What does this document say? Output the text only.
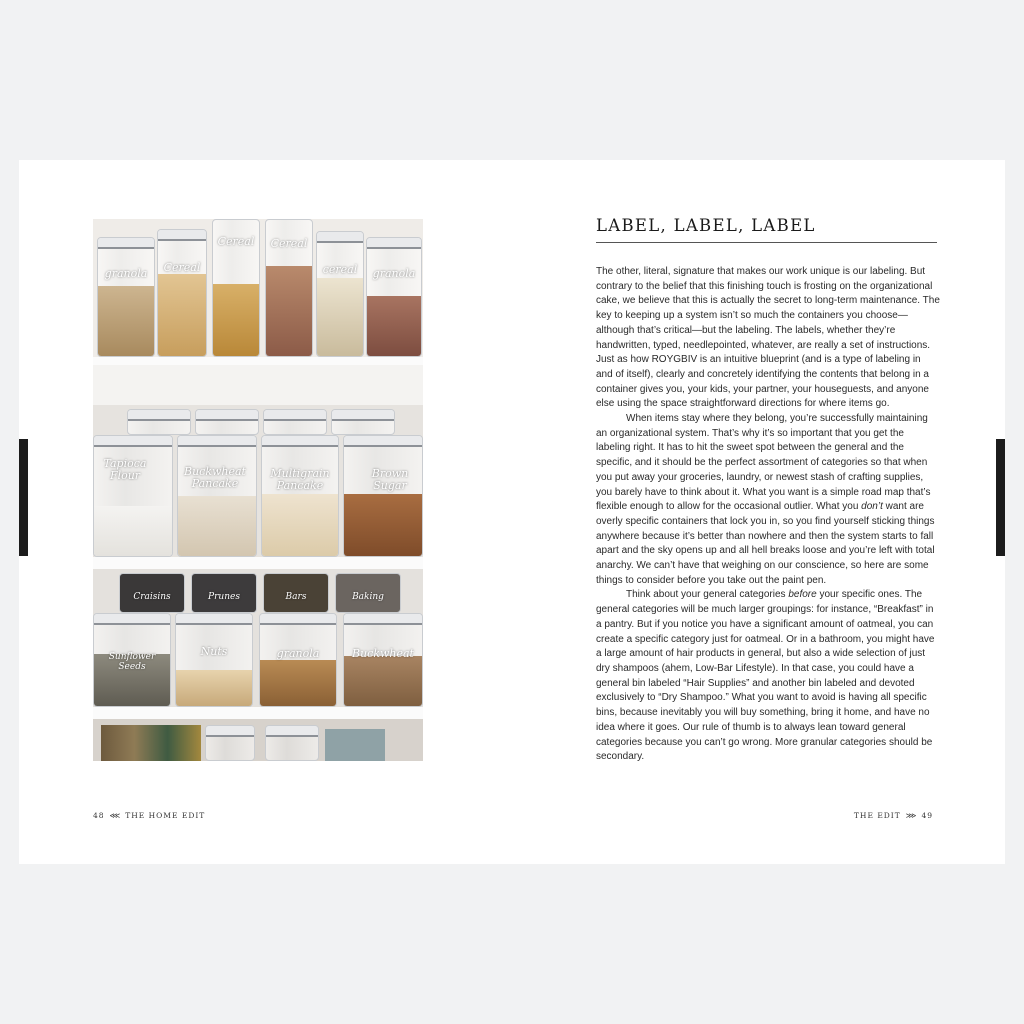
granola	Cereal
Cereal	Cereal
cereal	granola
Tapioca Flour	Buckwheat Pancake
Multigrain Pancake
Brown Sugar
Craisins	Prunes	Bars	Baking
Sunflower Seeds
Nuts	granola	Buckwheat
LABEL, LABEL, LABEL

The other, literal, signature that makes our work unique is our labeling. But contrary to the belief that this finishing touch is frosting on the organizational cake, we believe that this is actually the secret to long-term maintenance. The key to keeping up a system isn’t so much the containers you choose—although that’s critical—but the labeling. The labels, whether they’re handwritten, typed, needlepointed, whatever, are really a set of instructions. Just as how ROYGBIV is an intuitive blueprint (and is a type of labeling in and of itself), clearly and concretely identifying the contents that belong in a container gives you, your kids, your partner, your houseguests, and anyone else using the space straightforward directions for where items go.

When items stay where they belong, you’re successfully maintaining an organizational system. That’s why it’s so important that you get the labeling right. It has to hit the sweet spot between the general and the specific, and it should be the perfect assortment of categories so that when you put away your groceries, laundry, or newest stash of crafting supplies, you barely have to think about it. What you want is a simple road map that’s flexible enough to allow for the occasional outlier. What you don’t want are overly specific containers that lock you in, so you find yourself sticking things anywhere because it’s better than nowhere and then the system starts to fall apart and the sky opens up and all hell breaks loose and you’re left with total anarchy. We can’t have that weighing on our conscience, so here are some things to consider before you take out the paint pen.

Think about your general categories before your specific ones. The general categories will be much larger groupings: for instance, “Breakfast” in a pantry. But if you notice you have a significant amount of oatmeal, you can create a specific category just for oatmeal. Or in a bathroom, you might have a large amount of hair products in general, but also a wide selection of just dry shampoos (ahem, Low-Bar Lifestyle). In that case, you could have a general bin labeled “Hair Supplies” and another bin labeled and devoted exclusively to “Dry Shampoo.” What you want to avoid is having all specific bins, because inevitably you will buy something, bring it home, and have no idea where it goes. Our rule of thumb is to always lean toward general categories because you can’t go wrong. More granular categories should be secondary.

48 ⋘ THE HOME EDIT	THE EDIT ⋙ 49
